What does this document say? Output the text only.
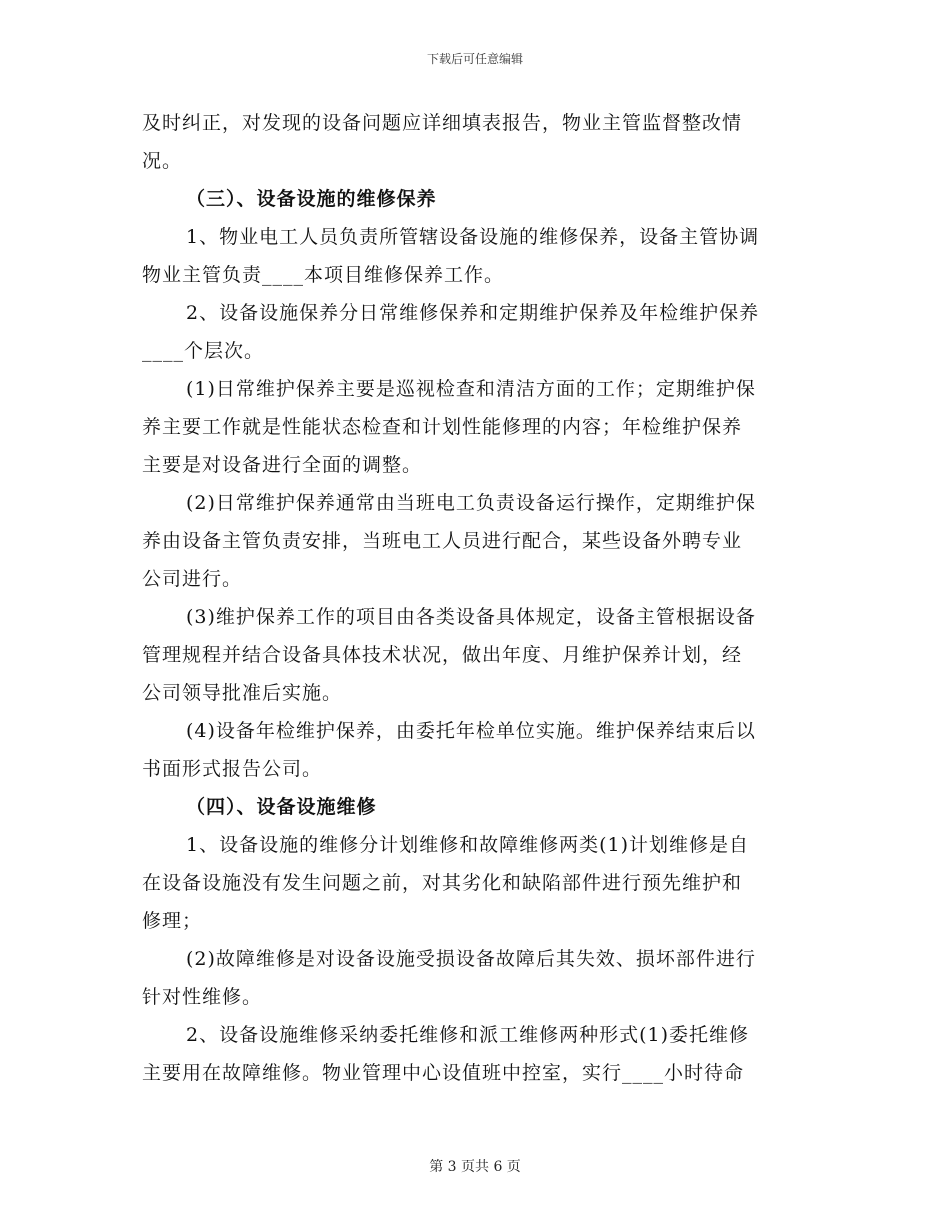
下载后可任意编辑
及时纠正，对发现的设备问题应详细填表报告，物业主管监督整改情
况。
（三）、设备设施的维修保养
1、物业电工人员负责所管辖设备设施的维修保养，设备主管协调
物业主管负责____本项目维修保养工作。
2、设备设施保养分日常维修保养和定期维护保养及年检维护保养
____个层次。
(1)日常维护保养主要是巡视检查和清洁方面的工作；定期维护保
养主要工作就是性能状态检查和计划性能修理的内容；年检维护保养
主要是对设备进行全面的调整。
(2)日常维护保养通常由当班电工负责设备运行操作，定期维护保
养由设备主管负责安排，当班电工人员进行配合，某些设备外聘专业
公司进行。
(3)维护保养工作的项目由各类设备具体规定，设备主管根据设备
管理规程并结合设备具体技术状况，做出年度、月维护保养计划，经
公司领导批准后实施。
(4)设备年检维护保养，由委托年检单位实施。维护保养结束后以
书面形式报告公司。
（四）、设备设施维修
1、设备设施的维修分计划维修和故障维修两类(1)计划维修是自
在设备设施没有发生问题之前，对其劣化和缺陷部件进行预先维护和
修理；
(2)故障维修是对设备设施受损设备故障后其失效、损坏部件进行
针对性维修。
2、设备设施维修采纳委托维修和派工维修两种形式(1)委托维修
主要用在故障维修。物业管理中心设值班中控室，实行____小时待命
第 3 页共 6 页
